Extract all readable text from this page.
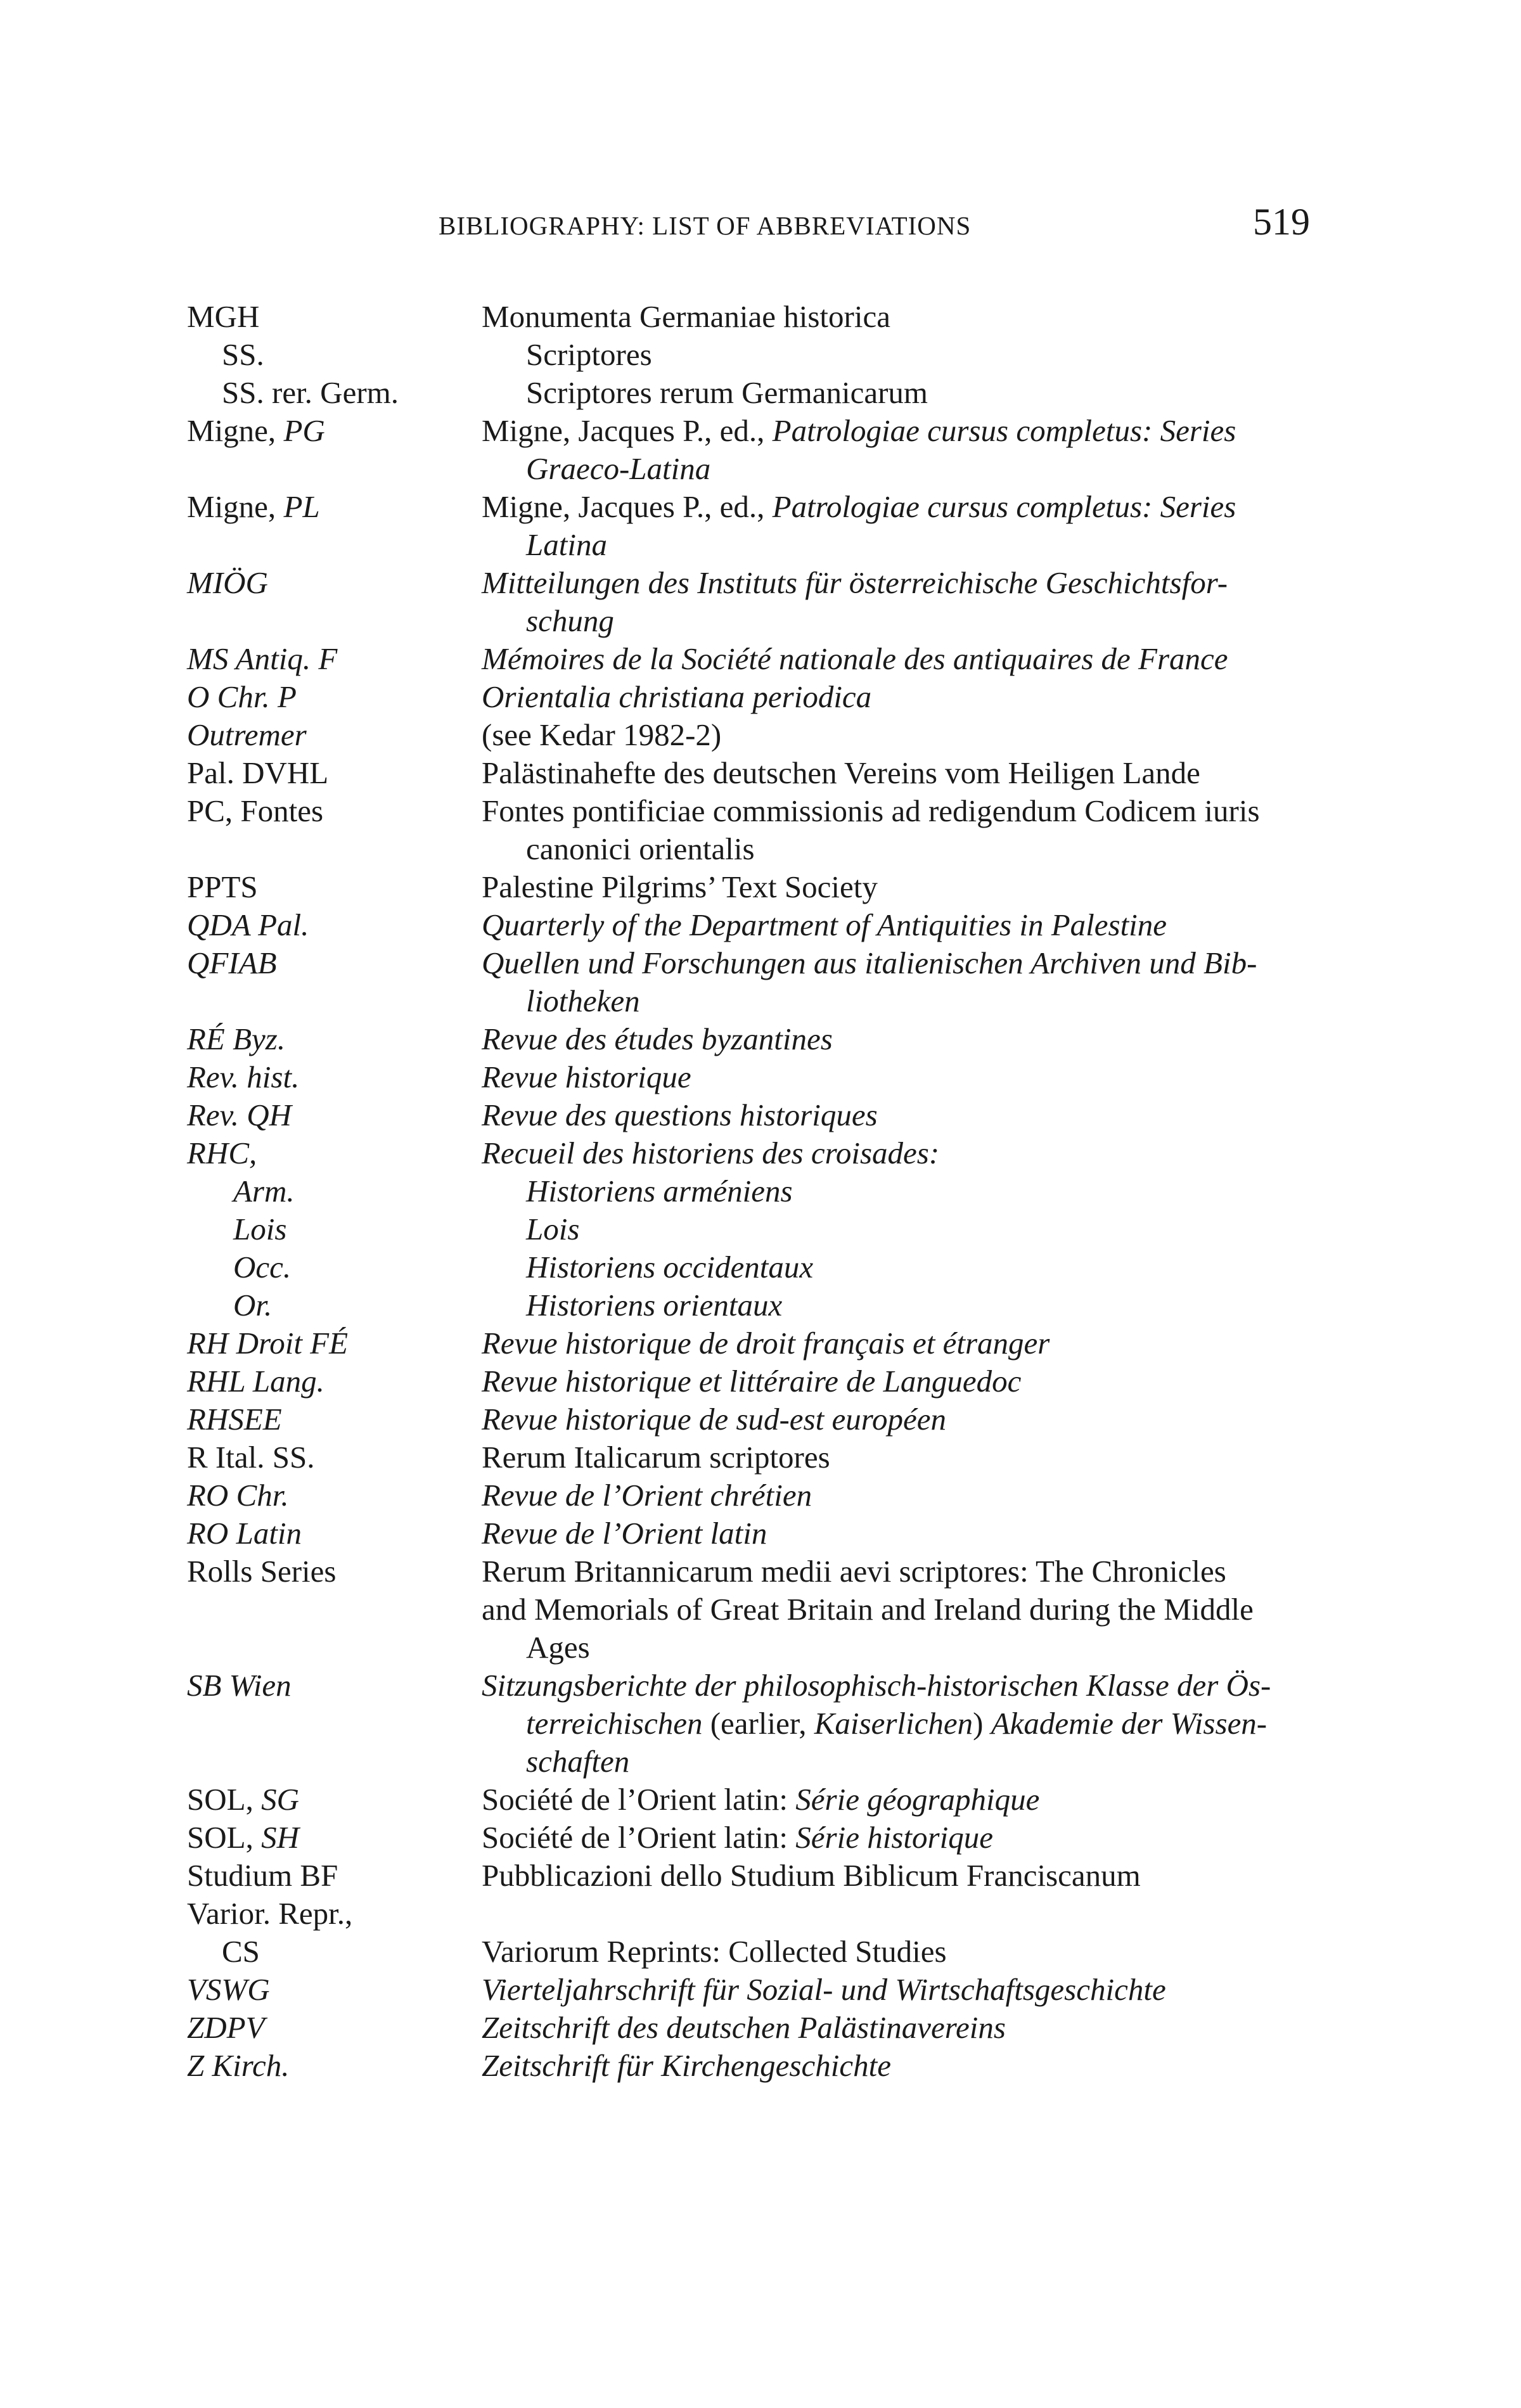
BIBLIOGRAPHY: LIST OF ABBREVIATIONS	519
MGH	Monumenta Germaniae historica
SS.	Scriptores
SS. rer. Germ.	Scriptores rerum Germanicarum
Migne, PG	Migne, Jacques P., ed., Patrologiae cursus completus: Series
Graeco-Latina
Migne, PL	Migne, Jacques P., ed., Patrologiae cursus completus: Series
Latina
MIÖG	Mitteilungen des Instituts für österreichische Geschichtsfor-
schung
MS Antiq. F	Mémoires de la Société nationale des antiquaires de France
O Chr. P	Orientalia christiana periodica
Outremer	(see Kedar 1982-2)
Pal. DVHL	Palästinahefte des deutschen Vereins vom Heiligen Lande
PC, Fontes	Fontes pontificiae commissionis ad redigendum Codicem iuris
canonici orientalis
PPTS	Palestine Pilgrims’ Text Society
QDA Pal.	Quarterly of the Department of Antiquities in Palestine
QFIAB	Quellen und Forschungen aus italienischen Archiven und Bib-
liotheken
RÉ Byz.	Revue des études byzantines
Rev. hist.	Revue historique
Rev. QH	Revue des questions historiques
RHC,	Recueil des historiens des croisades:
Arm.	Historiens arméniens
Lois	Lois
Occ.	Historiens occidentaux
Or.	Historiens orientaux
RH Droit FÉ	Revue historique de droit français et étranger
RHL Lang.	Revue historique et littéraire de Languedoc
RHSEE	Revue historique de sud-est européen
R Ital. SS.	Rerum Italicarum scriptores
RO Chr.	Revue de l’Orient chrétien
RO Latin	Revue de l’Orient latin
Rolls Series	Rerum Britannicarum medii aevi scriptores: The Chronicles
and Memorials of Great Britain and Ireland during the Middle
Ages
SB Wien	Sitzungsberichte der philosophisch-historischen Klasse der Ös-
terreichischen (earlier, Kaiserlichen) Akademie der Wissen-
schaften
SOL, SG	Société de l’Orient latin: Série géographique
SOL, SH	Société de l’Orient latin: Série historique
Studium BF	Pubblicazioni dello Studium Biblicum Franciscanum
Varior. Repr.,
CS	Variorum Reprints: Collected Studies
VSWG	Vierteljahrschrift für Sozial- und Wirtschaftsgeschichte
ZDPV	Zeitschrift des deutschen Palästinavereins
Z Kirch.	Zeitschrift für Kirchengeschichte
